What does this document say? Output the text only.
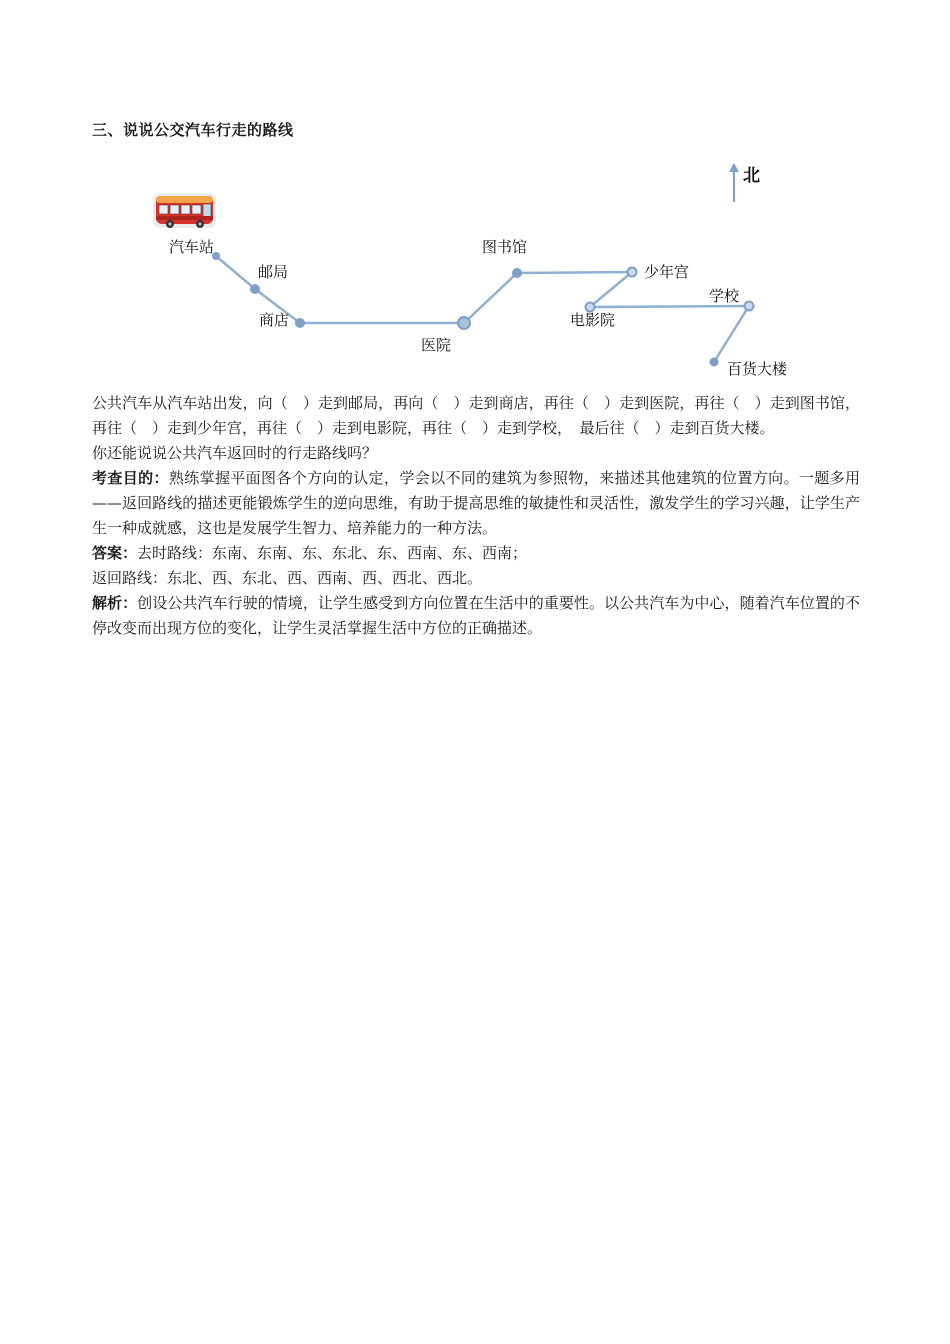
三、说说公交汽车行走的路线
北
汽车站
邮局
商店
医院
图书馆
少年宫
电影院
学校
百货大楼

公共汽车从汽车站出发，向（　）走到邮局，再向（　）走到商店，再往（　）走到医院，再往（　）走到图书馆，再往（　）走到少年宫，再往（　）走到电影院，再往（　）走到学校，　最后往（　）走到百货大楼。

你还能说说公共汽车返回时的行走路线吗？

考查目的：熟练掌握平面图各个方向的认定，学会以不同的建筑为参照物，来描述其他建筑的位置方向。一题多用——返回路线的描述更能锻炼学生的逆向思维，有助于提高思维的敏捷性和灵活性，激发学生的学习兴趣，让学生产生一种成就感，这也是发展学生智力、培养能力的一种方法。

答案：去时路线：东南、东南、东、东北、东、西南、东、西南；

返回路线：东北、西、东北、西、西南、西、西北、西北。

解析：创设公共汽车行驶的情境，让学生感受到方向位置在生活中的重要性。以公共汽车为中心，随着汽车位置的不停改变而出现方位的变化，让学生灵活掌握生活中方位的正确描述。
